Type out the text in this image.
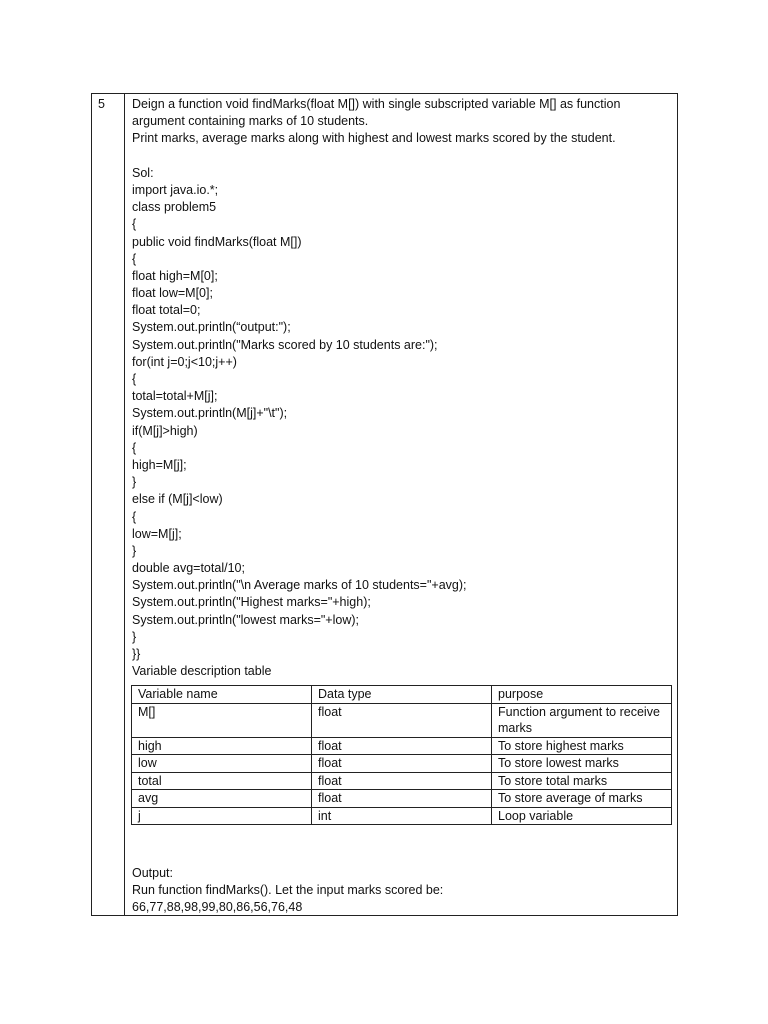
5 Deign a function void findMarks(float M[]) with single subscripted variable M[] as function
argument containing marks of 10 students.
Print marks, average marks along with highest and lowest marks scored by the student.
Sol:
import java.io.*;
class problem5
{
public void findMarks(float M[])
{
float high=M[0];
float low=M[0];
float total=0;
System.out.println(“output:");
System.out.println("Marks scored by 10 students are:");
for(int j=0;j<10;j++)
{
total=total+M[j];
System.out.println(M[j]+"\t");
if(M[j]>high)
{
high=M[j];
}
else if (M[j]<low)
{
low=M[j];
}
double avg=total/10;
System.out.println("\n Average marks of 10 students="+avg);
System.out.println("Highest marks="+high);
System.out.println("lowest marks="+low);
}
}}
Variable description table
Variable name	Data type	purpose
M[]	float	Function argument to receive marks
high	float	To store highest marks
low	float	To store lowest marks
total	float	To store total marks
avg	float	To store average of marks
j	int	Loop variable
Output:
Run function findMarks(). Let the input marks scored be:
66,77,88,98,99,80,86,56,76,48
